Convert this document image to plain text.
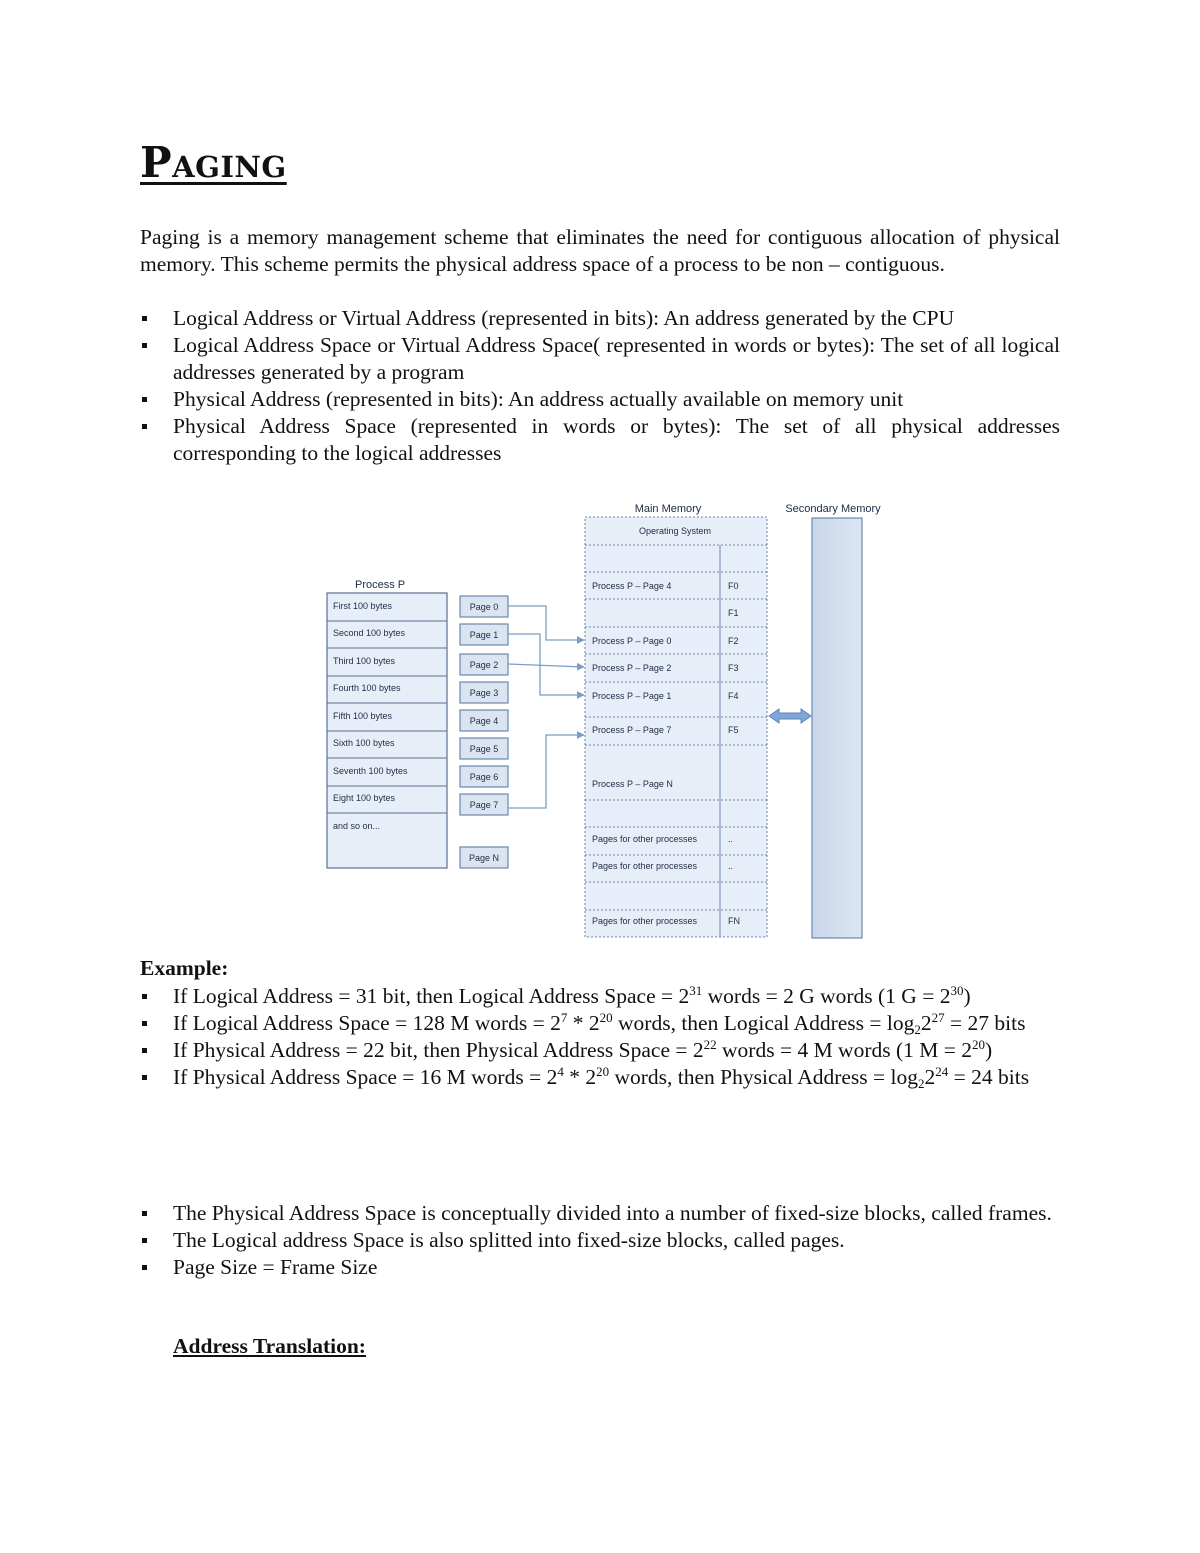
Paging

Paging is a memory management scheme that eliminates the need for contiguous allocation of physical memory. This scheme permits the physical address space of a process to be non – contiguous.

Logical Address or Virtual Address (represented in bits): An address generated by the CPU
Logical Address Space or Virtual Address Space( represented in words or bytes): The set of all logical addresses generated by a program
Physical Address (represented in bits): An address actually available on memory unit
Physical Address Space (represented in words or bytes): The set of all physical addresses corresponding to the logical addresses
Process P
First 100 bytes
Second 100 bytes
Third 100 bytes
Fourth 100 bytes
Fifth 100 bytes
Sixth 100 bytes
Seventh 100 bytes
Eight 100 bytes
and so on...
Page 0
Page 1
Page 2
Page 3
Page 4
Page 5
Page 6
Page 7
Page N
Main Memory
Operating System
Process P – Page 4	F0
F1
Process P – Page 0	F2
Process P – Page 2	F3
Process P – Page 1	F4
Process P – Page 7	F5
Process P – Page N
Pages for other processes	..
Pages for other processes	..
Pages for other processes	FN
Secondary Memory

Example:

If Logical Address = 31 bit, then Logical Address Space = $2^{31}$ words = 2 G words (1 $G = 2^{30}$)
If Logical Address Space = 128 M words = $2^7 * 2^{20}$ words, then Logical Address = $\log_22^{27} = 27$ bits
If Physical Address = 22 bit, then Physical Address Space = $2^{22}$ words = 4 M words (1 $M = 2^{20}$)
If Physical Address Space = 16 M words = $2^4 * 2^{20}$ words, then Physical Address = $\log_22^{24} = 24$ bits
The Physical Address Space is conceptually divided into a number of fixed-size blocks, called frames.
The Logical address Space is also splitted into fixed-size blocks, called pages.
Page Size = Frame Size

Address Translation:
